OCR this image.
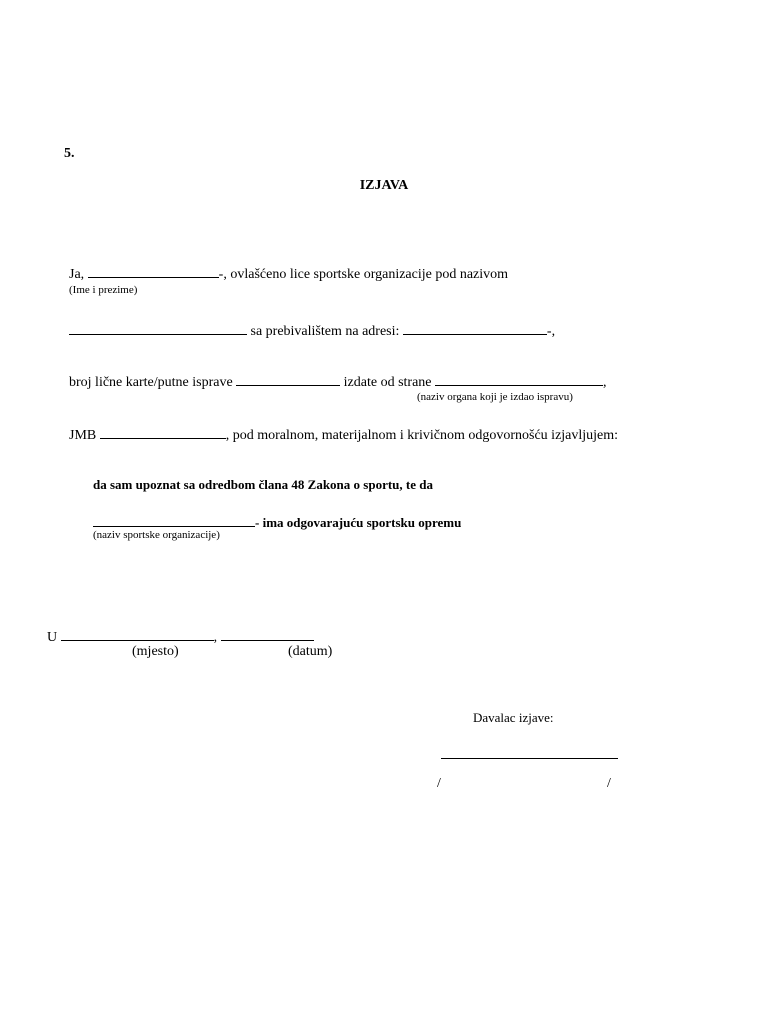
5.
IZJAVA
Ja,	-, ovlašćeno lice sportske organizacije pod nazivom
(Ime i prezime)
sa prebivalištem na adresi:	-,
broj lične karte/putne isprave	izdate od strane	,
(naziv organa koji je izdao ispravu)
JMB	, pod moralnom, materijalnom i krivičnom odgovornošću izjavljujem:
da sam upoznat sa odredbom člana 48 Zakona o sportu, te da
- ima odgovarajuću sportsku opremu
(naziv sportske organizacije)
U	,
(mjesto)	(datum)
Davalac izjave:
/	/
